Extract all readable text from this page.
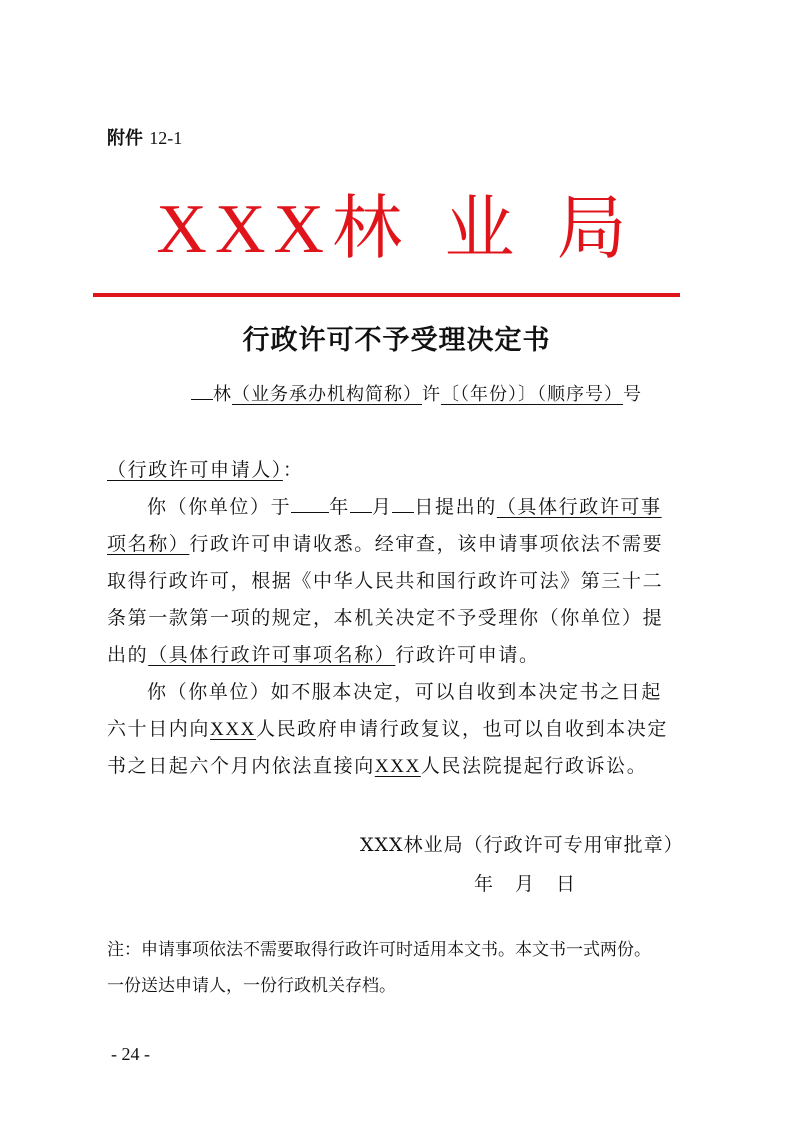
附件 12-1
XXX林 业 局
行政许可不予受理决定书
林（业务承办机构简称）许〔（年份）〕（顺序号）号
（行政许可申请人）：
你（你单位）于 年 月 日提出的（具体行政许可事
项名称）行政许可申请收悉。经审查，该申请事项依法不需要
取得行政许可，根据《中华人民共和国行政许可法》第三十二
条第一款第一项的规定，本机关决定不予受理你（你单位）提
出的（具体行政许可事项名称）行政许可申请。
你（你单位）如不服本决定，可以自收到本决定书之日起
六十日内向XXX人民政府申请行政复议，也可以自收到本决定
书之日起六个月内依法直接向XXX人民法院提起行政诉讼。
XXX林业局（行政许可专用审批章）
年 月 日
注：申请事项依法不需要取得行政许可时适用本文书。本文书一式两份。
一份送达申请人，一份行政机关存档。
- 24 -
